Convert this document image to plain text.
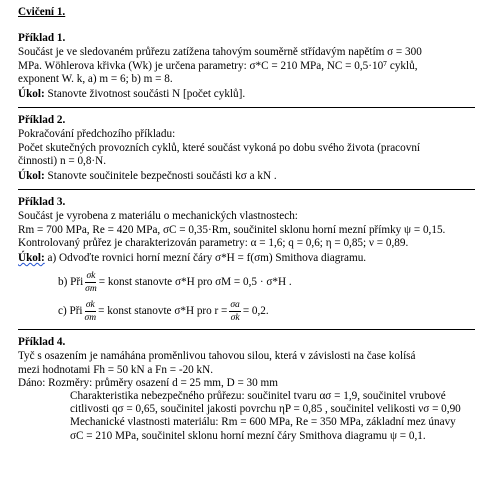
Cvičení 1.
Příklad 1.
Součást je ve sledovaném průřezu zatížena tahovým souměrně střídavým napětím σ = 300
MPa. Wöhlerova křivka (Wk) je určena parametry: σ*C = 210 MPa, NC = 0,5·10⁷ cyklů,
exponent W. k, a) m = 6; b) m = 8.
Úkol: Stanovte životnost součásti N [počet cyklů].
Příklad 2.
Pokračování předchozího příkladu:
Počet skutečných provozních cyklů, které součást vykoná po dobu svého života (pracovní
činnosti) n = 0,8·N.
Úkol: Stanovte součinitele bezpečnosti součásti kσ a kN .
Příklad 3.
Součást je vyrobena z materiálu o mechanických vlastnostech:
Rm = 700 MPa, Re = 420 MPa, σC = 0,35·Rm, součinitel sklonu horní mezní přímky ψ = 0,15.
Kontrolovaný průřez je charakterizován parametry: α = 1,6; q = 0,6; η = 0,85; ν = 0,89.
Úkol: a) Odvoďte rovnici horní mezní čáry σ*H = f(σm) Smithova diagramu.
b) Při $\frac{\sigma k}{\sigma m}$ = konst stanovte σ*H pro σM = 0,5 · σ*H .
c) Při $\frac{\sigma k}{\sigma m}$ = konst stanovte σ*H pro $r = \frac{\sigma a}{\sigma k} = 0,2$.
Příklad 4.
Tyč s osazením je namáhána proměnlivou tahovou silou, která v závislosti na čase kolísá
mezi hodnotami Fh = 50 kN a Fn = -20 kN.
Dáno: Rozměry: průměry osazení d = 25 mm, D = 30 mm
Charakteristika nebezpečného průřezu: součinitel tvaru ασ = 1,9, součinitel vrubové
citlivosti qσ = 0,65, součinitel jakosti povrchu ηP = 0,85 , součinitel velikosti νσ = 0,90
Mechanické vlastnosti materiálu: Rm = 600 MPa, Re = 350 MPa, základní mez únavy
σC = 210 MPa, součinitel sklonu horní mezní čáry Smithova diagramu ψ = 0,1.
